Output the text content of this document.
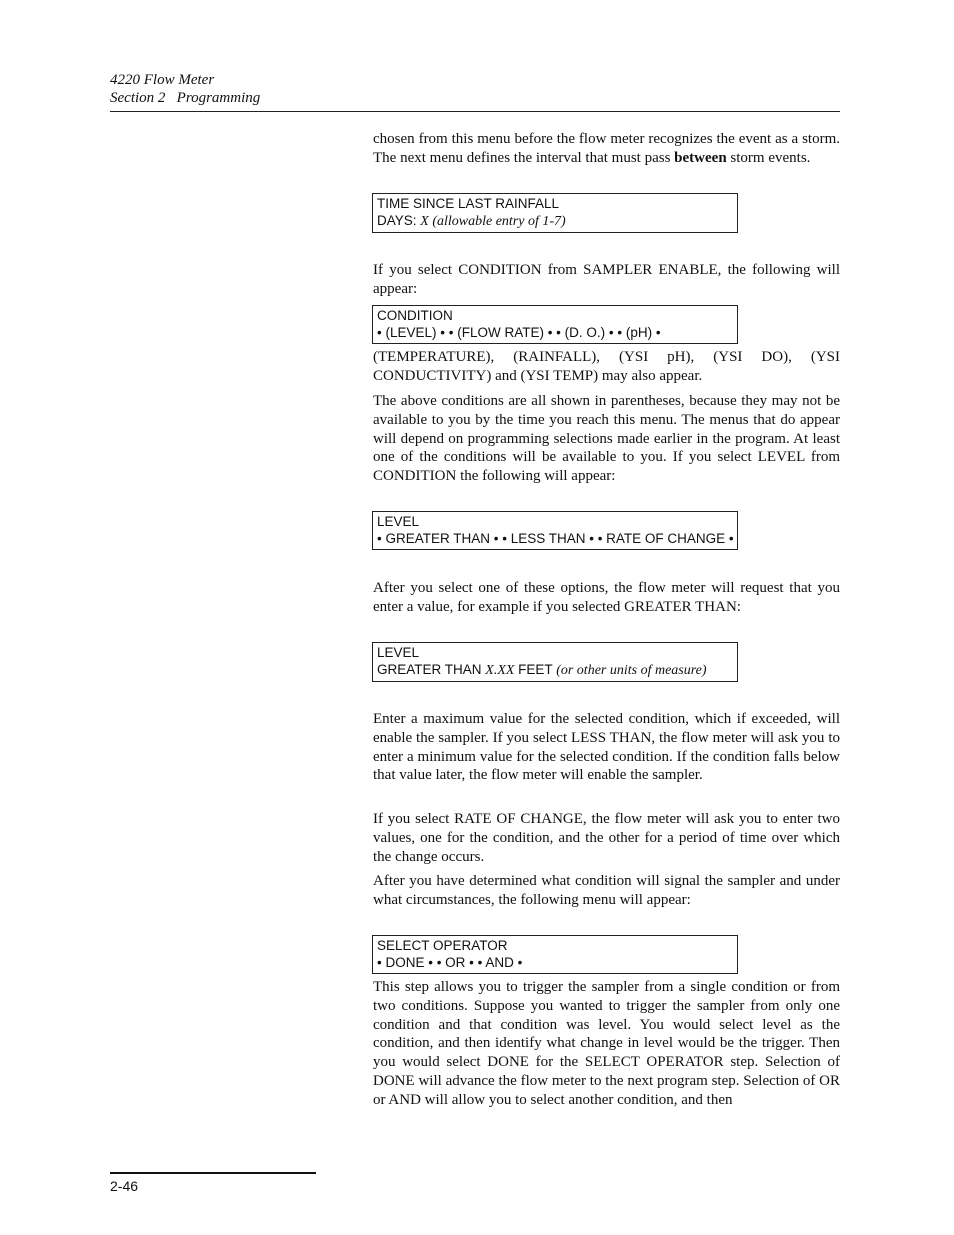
4220 Flow Meter
Section 2   Programming

chosen from this menu before the flow meter recognizes the event as a storm. The next menu defines the interval that must pass between storm events.

TIME SINCE LAST RAINFALL
DAYS: X (allowable entry of 1-7)

If you select CONDITION from SAMPLER ENABLE, the following will appear:

CONDITION
• (LEVEL) • • (FLOW RATE) • • (D. O.) • • (pH) •

(TEMPERATURE), (RAINFALL), (YSI pH), (YSI DO), (YSI CONDUCTIVITY) and (YSI TEMP) may also appear.

The above conditions are all shown in parentheses, because they may not be available to you by the time you reach this menu. The menus that do appear will depend on programming selections made earlier in the program. At least one of the conditions will be available to you. If you select LEVEL from CONDITION the following will appear:

LEVEL
• GREATER THAN • • LESS THAN • • RATE OF CHANGE •

After you select one of these options, the flow meter will request that you enter a value, for example if you selected GREATER THAN:

LEVEL
GREATER THAN X.XX FEET (or other units of measure)

Enter a maximum value for the selected condition, which if exceeded, will enable the sampler. If you select LESS THAN, the flow meter will ask you to enter a minimum value for the selected condition. If the condition falls below that value later, the flow meter will enable the sampler.

If you select RATE OF CHANGE, the flow meter will ask you to enter two values, one for the condition, and the other for a period of time over which the change occurs.

After you have determined what condition will signal the sampler and under what circumstances, the following menu will appear:

SELECT OPERATOR
• DONE • • OR • • AND •

This step allows you to trigger the sampler from a single condition or from two conditions. Suppose you wanted to trigger the sampler from only one condition and that condition was level. You would select level as the condition, and then identify what change in level would be the trigger. Then you would select DONE for the SELECT OPERATOR step. Selection of DONE will advance the flow meter to the next program step. Selection of OR or AND will allow you to select another condition, and then

2-46
